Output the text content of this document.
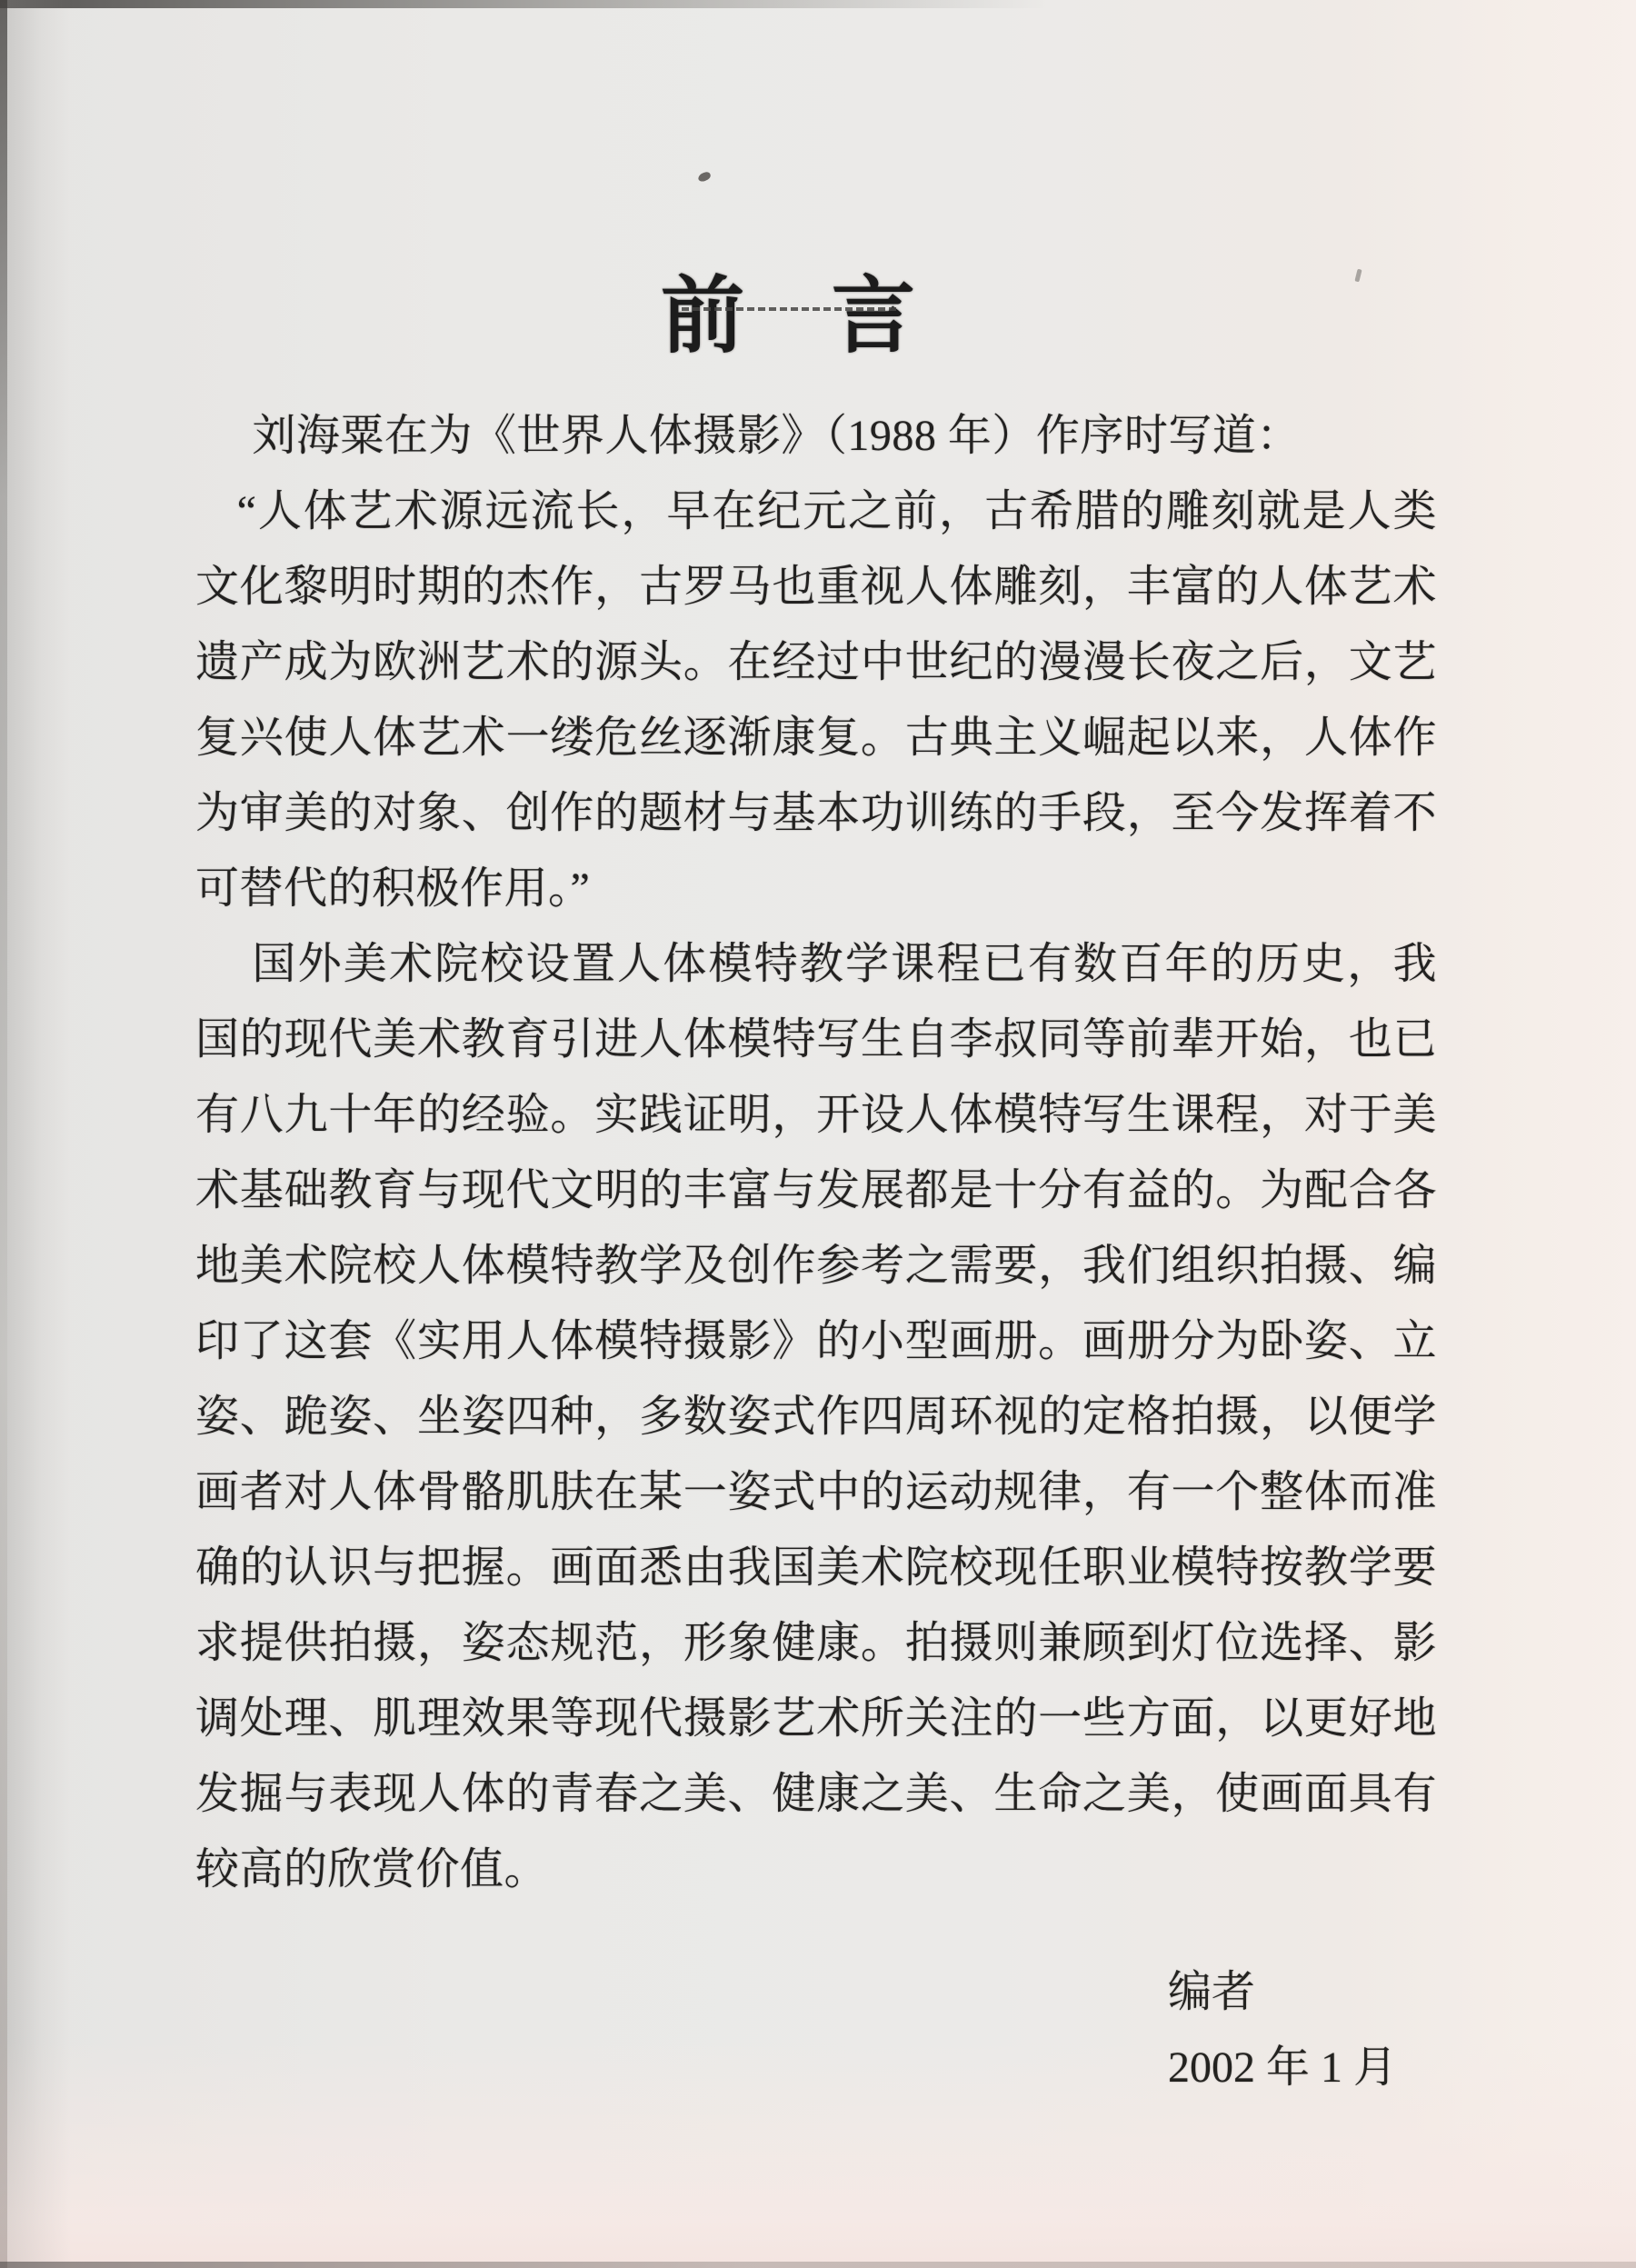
前　言

刘海粟在为《世界人体摄影》（1988 年）作序时写道：

“人体艺术源远流长，早在纪元之前，古希腊的雕刻就是人类文化黎明时期的杰作，古罗马也重视人体雕刻，丰富的人体艺术遗产成为欧洲艺术的源头。在经过中世纪的漫漫长夜之后，文艺复兴使人体艺术一缕危丝逐渐康复。古典主义崛起以来，人体作为审美的对象、创作的题材与基本功训练的手段，至今发挥着不可替代的积极作用。”

国外美术院校设置人体模特教学课程已有数百年的历史，我国的现代美术教育引进人体模特写生自李叔同等前辈开始，也已有八九十年的经验。实践证明，开设人体模特写生课程，对于美术基础教育与现代文明的丰富与发展都是十分有益的。为配合各地美术院校人体模特教学及创作参考之需要，我们组织拍摄、编印了这套《实用人体模特摄影》的小型画册。画册分为卧姿、立姿、跪姿、坐姿四种，多数姿式作四周环视的定格拍摄，以便学画者对人体骨骼肌肤在某一姿式中的运动规律，有一个整体而准确的认识与把握。画面悉由我国美术院校现任职业模特按教学要求提供拍摄，姿态规范，形象健康。拍摄则兼顾到灯位选择、影调处理、肌理效果等现代摄影艺术所关注的一些方面，以更好地发掘与表现人体的青春之美、健康之美、生命之美，使画面具有较高的欣赏价值。

编者
2002 年 1 月
